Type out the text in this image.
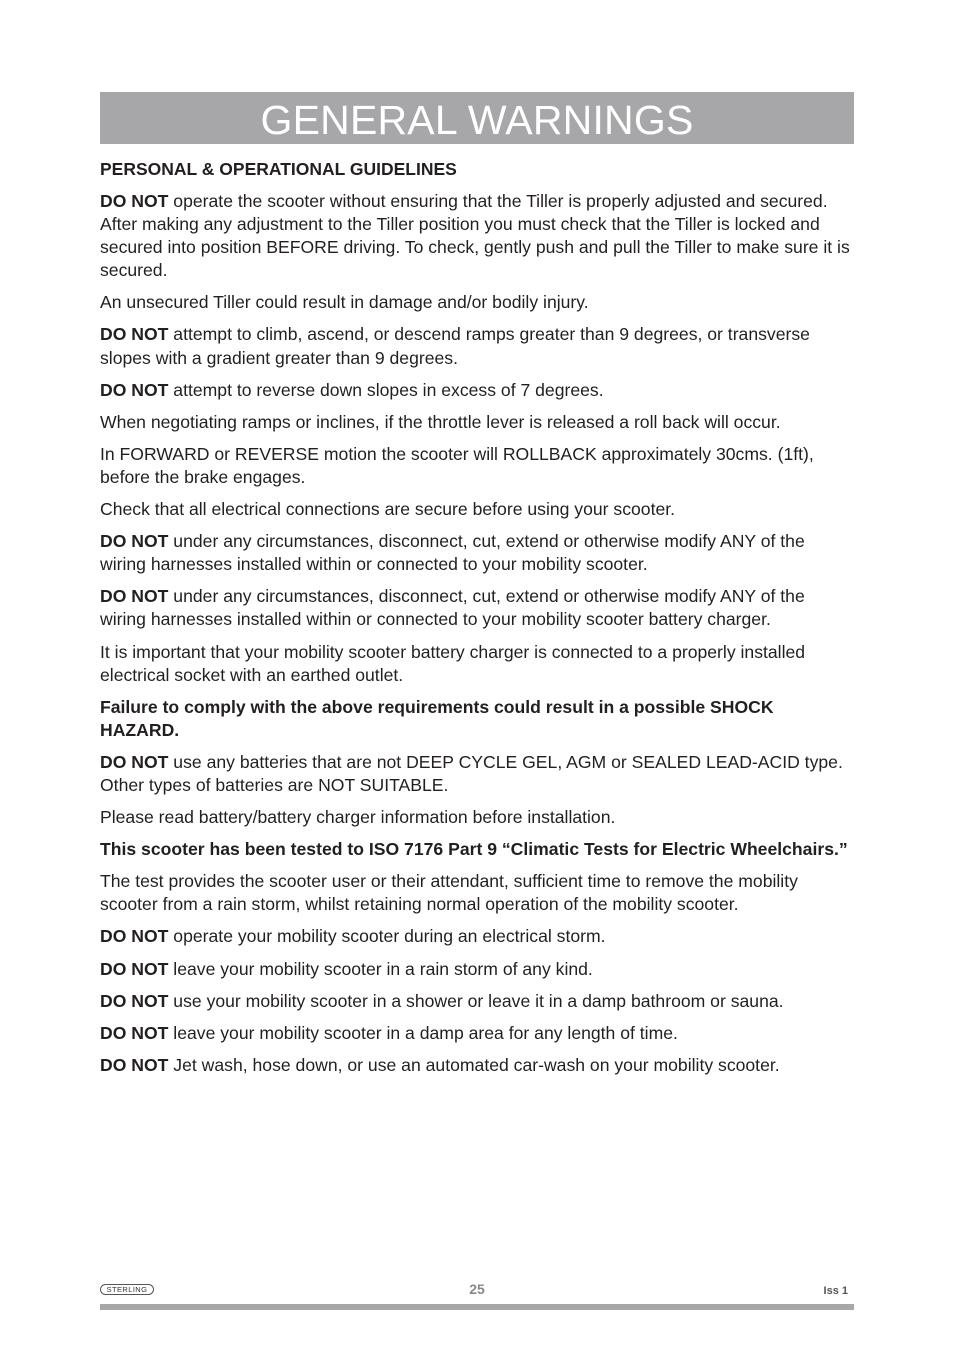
GENERAL WARNINGS
PERSONAL & OPERATIONAL GUIDELINES

DO NOT operate the scooter without ensuring that the Tiller is properly adjusted and secured. After making any adjustment to the Tiller position you must check that the Tiller is locked and secured into position BEFORE driving. To check, gently push and pull the Tiller to make sure it is secured.

An unsecured Tiller could result in damage and/or bodily injury.

DO NOT attempt to climb, ascend, or descend ramps greater than 9 degrees, or transverse slopes with a gradient greater than 9 degrees.

DO NOT attempt to reverse down slopes in excess of 7 degrees.

When negotiating ramps or inclines, if the throttle lever is released a roll back will occur.

In FORWARD or REVERSE motion the scooter will ROLLBACK approximately 30cms. (1ft), before the brake engages.

Check that all electrical connections are secure before using your scooter.

DO NOT under any circumstances, disconnect, cut, extend or otherwise modify ANY of the wiring harnesses installed within or connected to your mobility scooter.

DO NOT under any circumstances, disconnect, cut, extend or otherwise modify ANY of the wiring harnesses installed within or connected to your mobility scooter battery charger.

It is important that your mobility scooter battery charger is connected to a properly installed electrical socket with an earthed outlet.

Failure to comply with the above requirements could result in a possible SHOCK HAZARD.

DO NOT use any batteries that are not DEEP CYCLE GEL, AGM or SEALED LEAD-ACID type. Other types of batteries are NOT SUITABLE.

Please read battery/battery charger information before installation.

This scooter has been tested to ISO 7176 Part 9 “Climatic Tests for Electric Wheelchairs.”

The test provides the scooter user or their attendant, sufficient time to remove the mobility scooter from a rain storm, whilst retaining normal operation of the mobility scooter.

DO NOT operate your mobility scooter during an electrical storm.

DO NOT leave your mobility scooter in a rain storm of any kind.

DO NOT use your mobility scooter in a shower or leave it in a damp bathroom or sauna.

DO NOT leave your mobility scooter in a damp area for any length of time.

DO NOT Jet wash, hose down, or use an automated car-wash on your mobility scooter.

STERLING	25	Iss 1
